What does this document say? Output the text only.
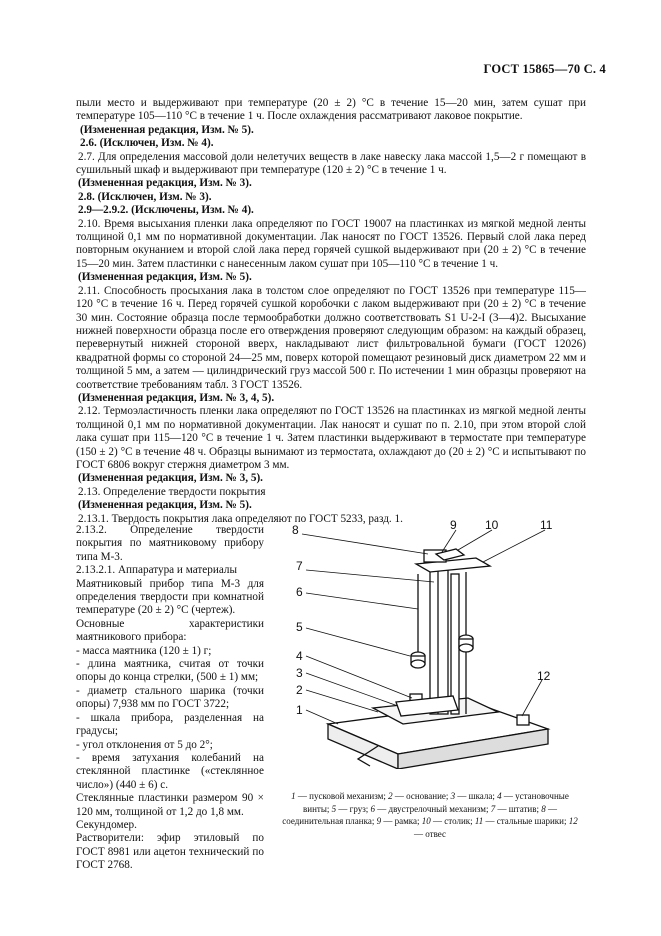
ГОСТ 15865—70 С. 4

пыли место и выдерживают при температуре (20 ± 2) °С в течение 15—20 мин, затем сушат при температуре 105—110 °С в течение 1 ч. После охлаждения рассматривают лаковое покрытие.

(Измененная редакция, Изм. № 5).

2.6. (Исключен, Изм. № 4).

2.7. Для определения массовой доли нелетучих веществ в лаке навеску лака массой 1,5—2 г помещают в сушильный шкаф и выдерживают при температуре (120 ± 2) °С в течение 1 ч.

(Измененная редакция, Изм. № 3).

2.8. (Исключен, Изм. № 3).

2.9—2.9.2. (Исключены, Изм. № 4).

2.10. Время высыхания пленки лака определяют по ГОСТ 19007 на пластинках из мягкой медной ленты толщиной 0,1 мм по нормативной документации. Лак наносят по ГОСТ 13526. Первый слой лака перед повторным окунанием и второй слой лака перед горячей сушкой выдерживают при (20 ± 2) °С в течение 15—20 мин. Затем пластинки с нанесенным лаком сушат при 105—110 °С в течение 1 ч.

(Измененная редакция, Изм. № 5).

2.11. Способность просыхания лака в толстом слое определяют по ГОСТ 13526 при температуре 115—120 °С в течение 16 ч. Перед горячей сушкой коробочки с лаком выдерживают при (20 ± 2) °С в течение 30 мин. Состояние образца после термообработки должно соответствовать S1 U-2-I (3—4)2. Высыхание нижней поверхности образца после его отверждения проверяют следующим образом: на каждый образец, перевернутый нижней стороной вверх, накладывают лист фильтровальной бумаги (ГОСТ 12026) квадратной формы со стороной 24—25 мм, поверх которой помещают резиновый диск диаметром 22 мм и толщиной 5 мм, а затем — цилиндрический груз массой 500 г. По истечении 1 мин образцы проверяют на соответствие требованиям табл. 3 ГОСТ 13526.

(Измененная редакция, Изм. № 3, 4, 5).

2.12. Термоэластичность пленки лака определяют по ГОСТ 13526 на пластинках из мягкой медной ленты толщиной 0,1 мм по нормативной документации. Лак наносят и сушат по п. 2.10, при этом второй слой лака сушат при 115—120 °С в течение 1 ч. Затем пластинки выдерживают в термостате при температуре (150 ± 2) °С в течение 48 ч. Образцы вынимают из термостата, охлаждают до (20 ± 2) °С и испытывают по ГОСТ 6806 вокруг стержня диаметром 3 мм.

(Измененная редакция, Изм. № 3, 5).

2.13. Определение твердости покрытия

(Измененная редакция, Изм. № 5).

2.13.1. Твердость покрытия лака определяют по ГОСТ 5233, разд. 1.

2.13.2. Определение твердости покрытия по маятниковому прибору типа М-3.

2.13.2.1. Аппаратура и материалы

Маятниковый прибор типа М-3 для определения твердости при комнатной температуре (20 ± 2) °С (чертеж).

Основные характеристики маятникового прибора:

- масса маятника (120 ± 1) г;

- длина маятника, считая от точки опоры до конца стрелки, (500 ± 1) мм;

- диаметр стального шарика (точки опоры) 7,938 мм по ГОСТ 3722;

- шкала прибора, разделенная на градусы;

- угол отклонения от 5 до 2°;

- время затухания колебаний на стеклянной пластинке («стеклянное число») (440 ± 6) с.

Стеклянные пластинки размером 90 × 120 мм, толщиной от 1,2 до 1,8 мм.

Секундомер.

Растворители: эфир этиловый по ГОСТ 8981 или ацетон технический по ГОСТ 2768.

8	9 10	11
7
6
5
4
3
2
1
12
1 — пусковой механизм; 2 — основание; 3 — шкала; 4 — установочные винты; 5 — груз; 6 — двустрелочный механизм; 7 — штатив; 8 — соединительная планка; 9 — рамка; 10 — столик; 11 — стальные шарики; 12 — отвес
